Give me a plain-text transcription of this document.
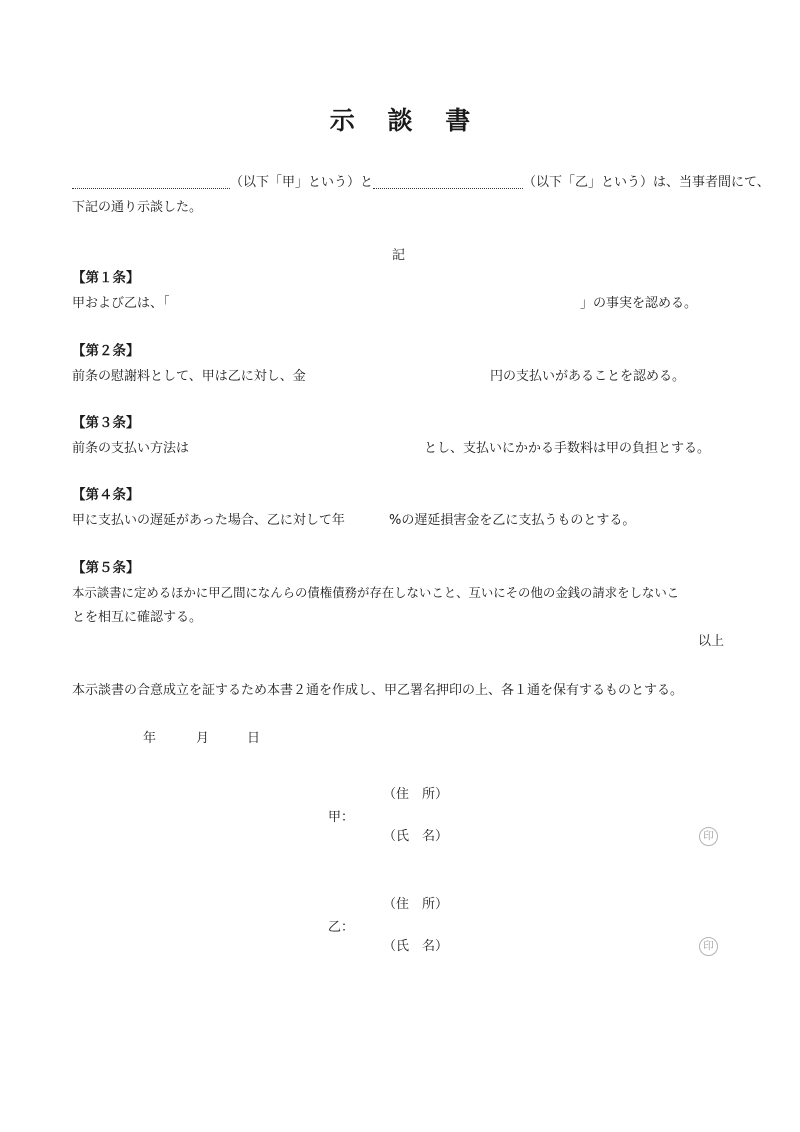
示 談 書
（以下「甲」という）と	（以下「乙」という）は、当事者間にて、
下記の通り示談した。
記
【第１条】
甲および乙は、「	」の事実を認める。
【第２条】
前条の慰謝料として、甲は乙に対し、金	円の支払いがあることを認める。
【第３条】
前条の支払い方法は	とし、支払いにかかる手数料は甲の負担とする。
【第４条】
甲に支払いの遅延があった場合、乙に対して年	%の遅延損害金を乙に支払うものとする。
【第５条】
本示談書に定めるほかに甲乙間になんらの債権債務が存在しないこと、互いにその他の金銭の請求をしないこ
とを相互に確認する。
以上
本示談書の合意成立を証するため本書２通を作成し、甲乙署名押印の上、各１通を保有するものとする。
年	月	日
（住　所）
甲：
（氏　名）	印
（住　所）
乙：
（氏　名）	印
